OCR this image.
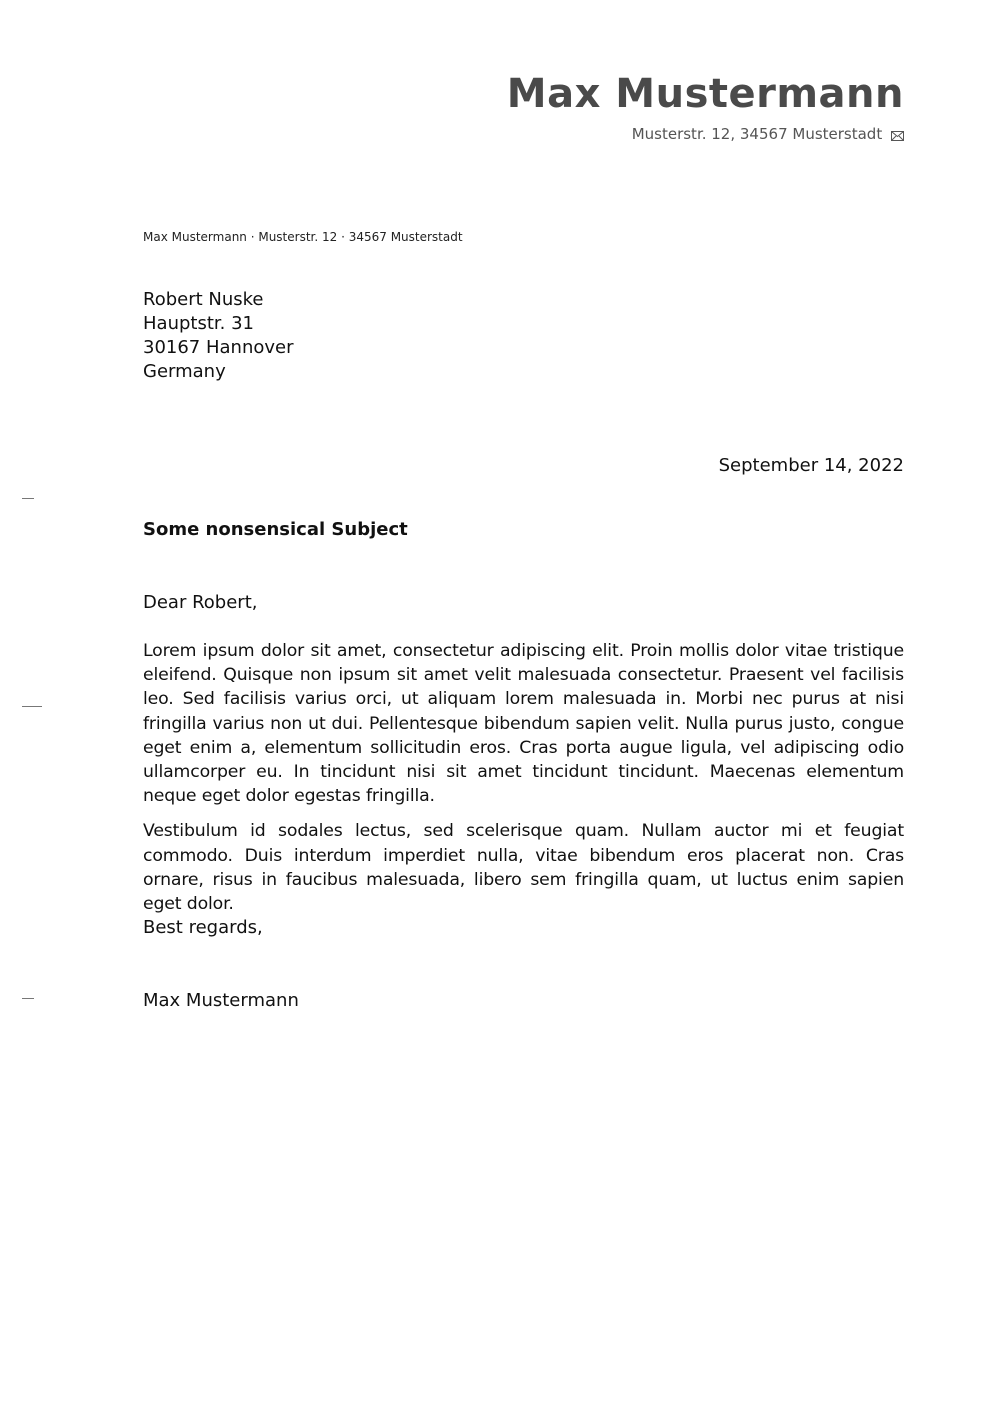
Max Mustermann
Musterstr. 12, 34567 Musterstadt
Max Mustermann · Musterstr. 12 · 34567 Musterstadt
Robert Nuske
Hauptstr. 31
30167 Hannover
Germany
September 14, 2022
Some nonsensical Subject
Dear Robert,

Lorem ipsum dolor sit amet, consectetur adipiscing elit. Proin mollis dolor vitae tristique eleifend. Quisque non ipsum sit amet velit malesuada consectetur. Praesent vel facilisis leo. Sed facilisis varius orci, ut aliquam lorem malesuada in. Morbi nec purus at nisi fringilla varius non ut dui. Pellentesque bibendum sapien velit. Nulla purus justo, congue eget enim a, elementum sollicitudin eros. Cras porta augue ligula, vel adipiscing odio ullamcorper eu. In tincidunt nisi sit amet tincidunt tincidunt. Maecenas elementum neque eget dolor egestas fringilla.

Vestibulum id sodales lectus, sed scelerisque quam. Nullam auctor mi et feugiat commodo. Duis interdum imperdiet nulla, vitae bibendum eros placerat non. Cras ornare, risus in faucibus malesuada, libero sem fringilla quam, ut luctus enim sapien eget dolor.

Best regards,
Max Mustermann
